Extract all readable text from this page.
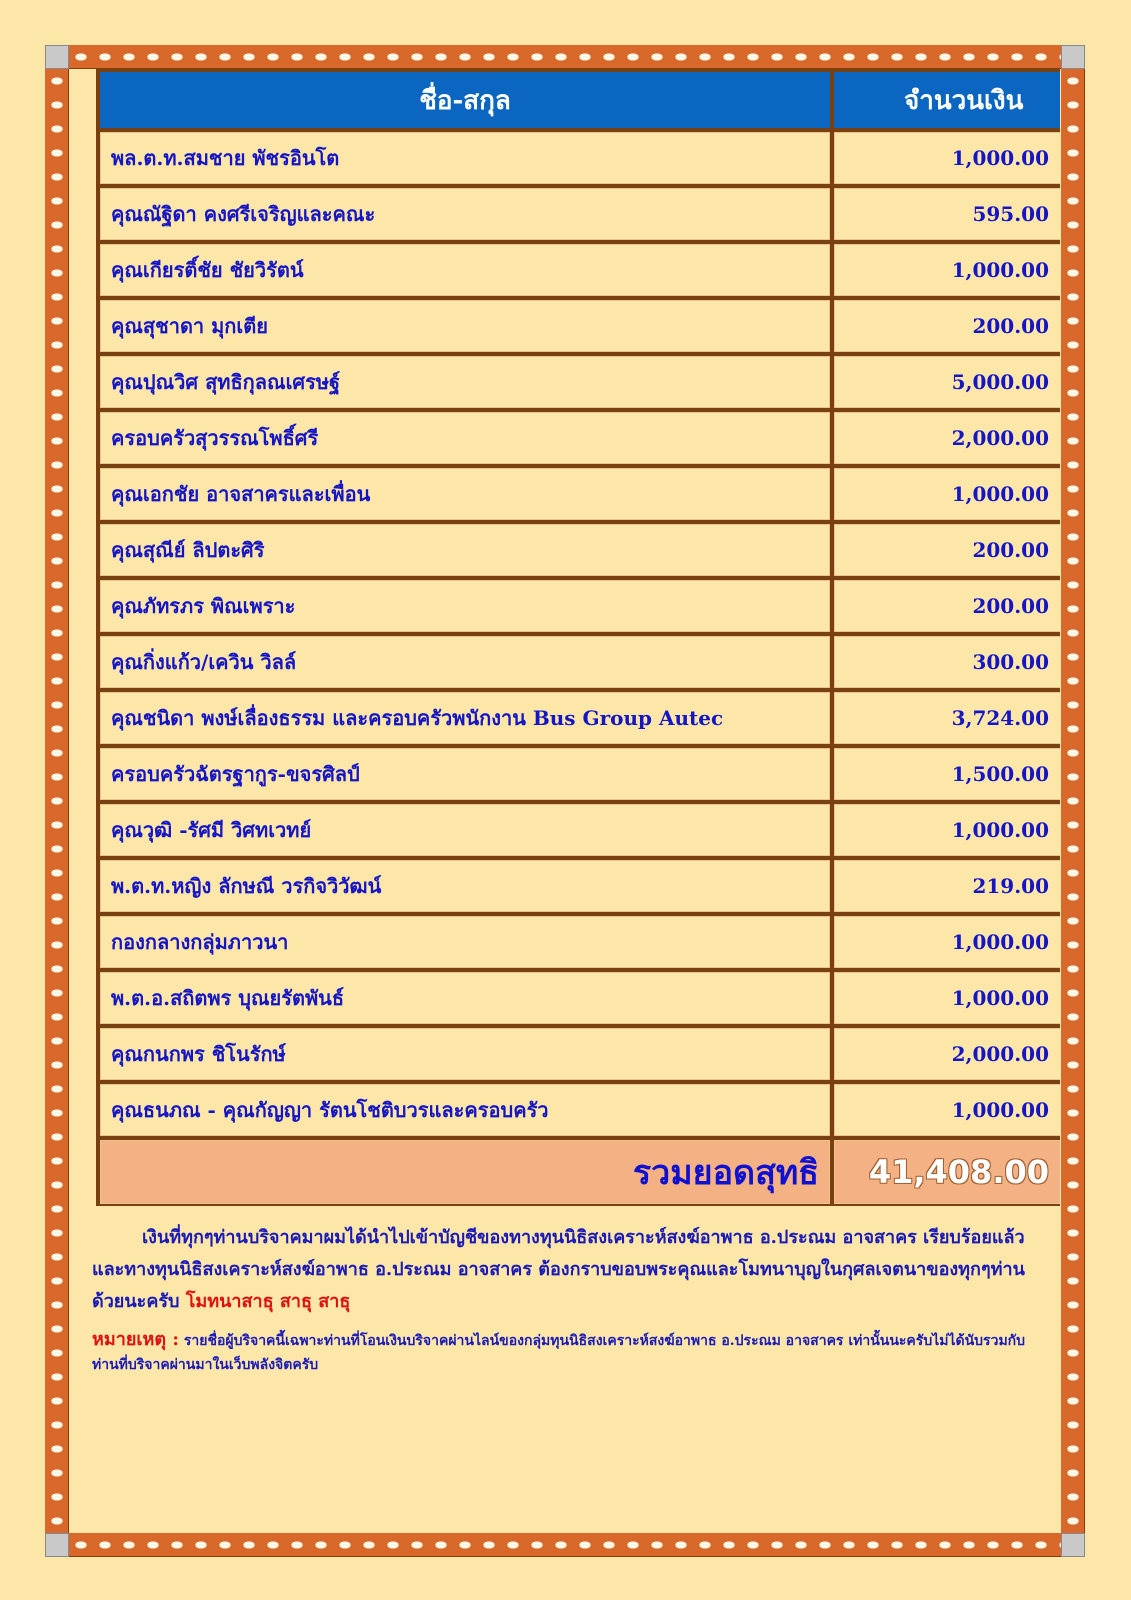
ชื่อ-สกุล	จำนวนเงิน
พล.ต.ท.สมชาย พัชรอินโต	1,000.00
คุณณัฐิดา คงศรีเจริญและคณะ	595.00
คุณเกียรติ์ชัย ชัยวิรัตน์	1,000.00
คุณสุชาดา มุกเตีย	200.00
คุณปุณวิศ สุทธิกุลณเศรษฐ์	5,000.00
ครอบครัวสุวรรณโพธิ์ศรี	2,000.00
คุณเอกชัย อาจสาครและเพื่อน	1,000.00
คุณสุณีย์ ลิปตะศิริ	200.00
คุณภัทรภร พิณเพราะ	200.00
คุณกิ่งแก้ว/เควิน วิลล์	300.00
คุณชนิดา พงษ์เลื่องธรรม และครอบครัวพนักงาน Bus Group Autec	3,724.00
ครอบครัวฉัตรฐากูร-ขจรศิลป์	1,500.00
คุณวุฒิ -รัศมี วิศทเวทย์	1,000.00
พ.ต.ท.หญิง ลักษณี วรกิจวิวัฒน์	219.00
กองกลางกลุ่มภาวนา	1,000.00
พ.ต.อ.สถิตพร บุณยรัตพันธ์	1,000.00
คุณกนกพร ชิโนรักษ์	2,000.00
คุณธนภณ - คุณกัญญา รัตนโชติบวรและครอบครัว	1,000.00
รวมยอดสุทธิ	41,408.00

เงินที่ทุกๆท่านบริจาคมาผมได้นำไปเข้าบัญชีของทางทุนนิธิสงเคราะห์สงฆ์อาพาธ อ.ประณม อาจสาคร เรียบร้อยแล้ว และทางทุนนิธิสงเคราะห์สงฆ์อาพาธ อ.ประณม อาจสาคร ต้องกราบขอบพระคุณและโมทนาบุญในกุศลเจตนาของทุกๆท่านด้วยนะครับ โมทนาสาธุ สาธุ สาธุ

หมายเหตุ : รายชื่อผู้บริจาคนี้เฉพาะท่านที่โอนเงินบริจาคผ่านไลน์ของกลุ่มทุนนิธิสงเคราะห์สงฆ์อาพาธ อ.ประณม อาจสาคร เท่านั้นนะครับไม่ได้นับรวมกับท่านที่บริจาคผ่านมาในเว็บพลังจิตครับ
